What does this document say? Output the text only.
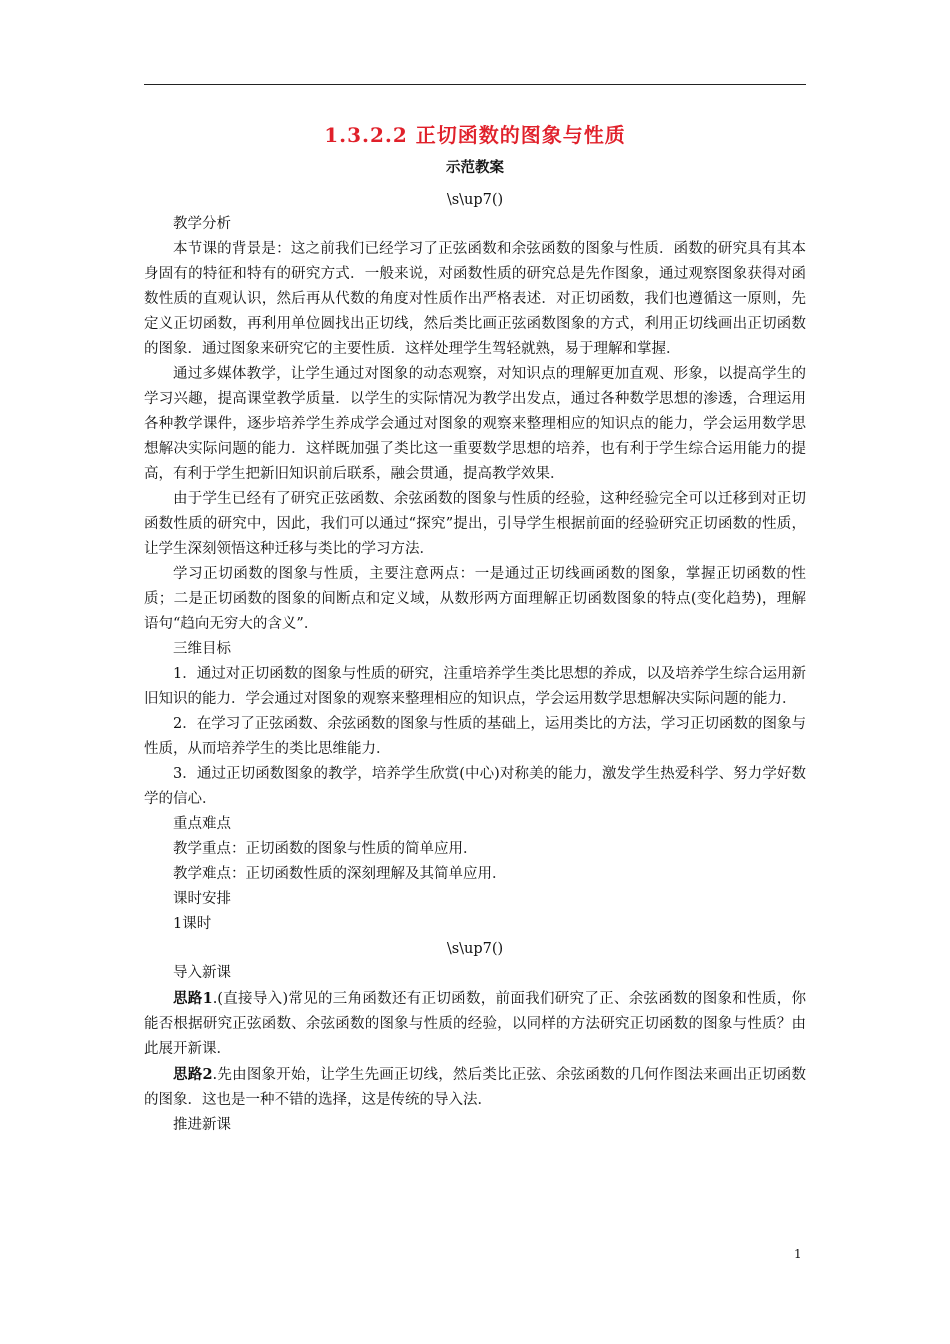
1.3.2.2 正切函数的图象与性质
示范教案
\s\up7()

教学分析

本节课的背景是：这之前我们已经学习了正弦函数和余弦函数的图象与性质．函数的研究具有其本身固有的特征和特有的研究方式．一般来说，对函数性质的研究总是先作图象，通过观察图象获得对函数性质的直观认识，然后再从代数的角度对性质作出严格表述．对正切函数，我们也遵循这一原则，先定义正切函数，再利用单位圆找出正切线，然后类比画正弦函数图象的方式，利用正切线画出正切函数的图象．通过图象来研究它的主要性质．这样处理学生驾轻就熟，易于理解和掌握．

通过多媒体教学，让学生通过对图象的动态观察，对知识点的理解更加直观、形象，以提高学生的学习兴趣，提高课堂教学质量．以学生的实际情况为教学出发点，通过各种数学思想的渗透，合理运用各种教学课件，逐步培养学生养成学会通过对图象的观察来整理相应的知识点的能力，学会运用数学思想解决实际问题的能力．这样既加强了类比这一重要数学思想的培养，也有利于学生综合运用能力的提高，有利于学生把新旧知识前后联系，融会贯通，提高教学效果．

由于学生已经有了研究正弦函数、余弦函数的图象与性质的经验，这种经验完全可以迁移到对正切函数性质的研究中，因此，我们可以通过“探究”提出，引导学生根据前面的经验研究正切函数的性质，让学生深刻领悟这种迁移与类比的学习方法．

学习正切函数的图象与性质，主要注意两点：一是通过正切线画函数的图象，掌握正切函数的性质；二是正切函数的图象的间断点和定义域，从数形两方面理解正切函数图象的特点(变化趋势)，理解语句“趋向无穷大的含义”．

三维目标

1．通过对正切函数的图象与性质的研究，注重培养学生类比思想的养成，以及培养学生综合运用新旧知识的能力．学会通过对图象的观察来整理相应的知识点，学会运用数学思想解决实际问题的能力．

2．在学习了正弦函数、余弦函数的图象与性质的基础上，运用类比的方法，学习正切函数的图象与性质，从而培养学生的类比思维能力．

3．通过正切函数图象的教学，培养学生欣赏(中心)对称美的能力，激发学生热爱科学、努力学好数学的信心．

重点难点

教学重点：正切函数的图象与性质的简单应用．

教学难点：正切函数性质的深刻理解及其简单应用．

课时安排

1课时

\s\up7()

导入新课

思路1.(直接导入)常见的三角函数还有正切函数，前面我们研究了正、余弦函数的图象和性质，你能否根据研究正弦函数、余弦函数的图象与性质的经验，以同样的方法研究正切函数的图象与性质？由此展开新课．

思路2.先由图象开始，让学生先画正切线，然后类比正弦、余弦函数的几何作图法来画出正切函数的图象．这也是一种不错的选择，这是传统的导入法．

推进新课

1
